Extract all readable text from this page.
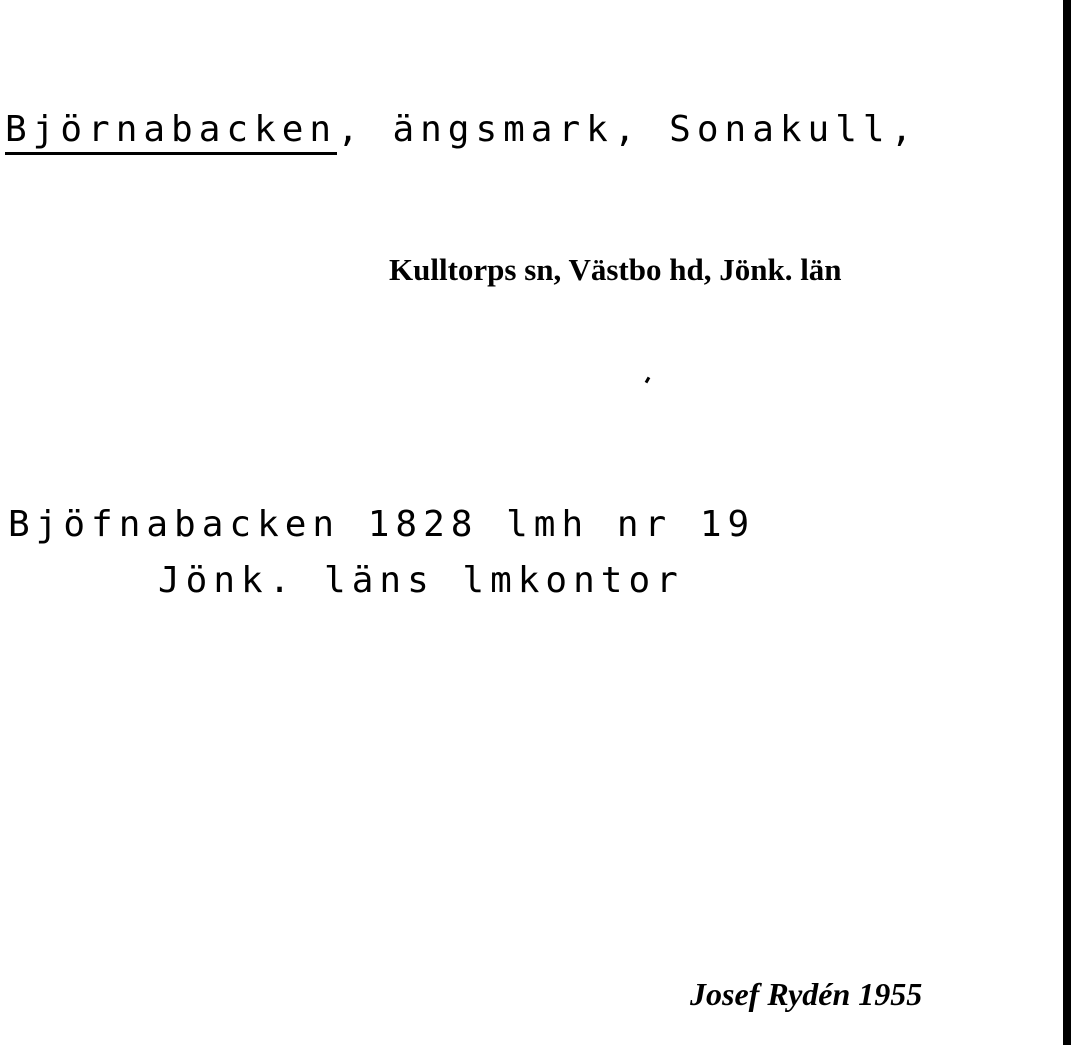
Björnabacken, ängsmark, Sonakull,
Kulltorps sn, Västbo hd, Jönk. län
Bjöfnabacken 1828 lmh nr 19
Jönk. läns lmkontor
Josef Rydén 1955
